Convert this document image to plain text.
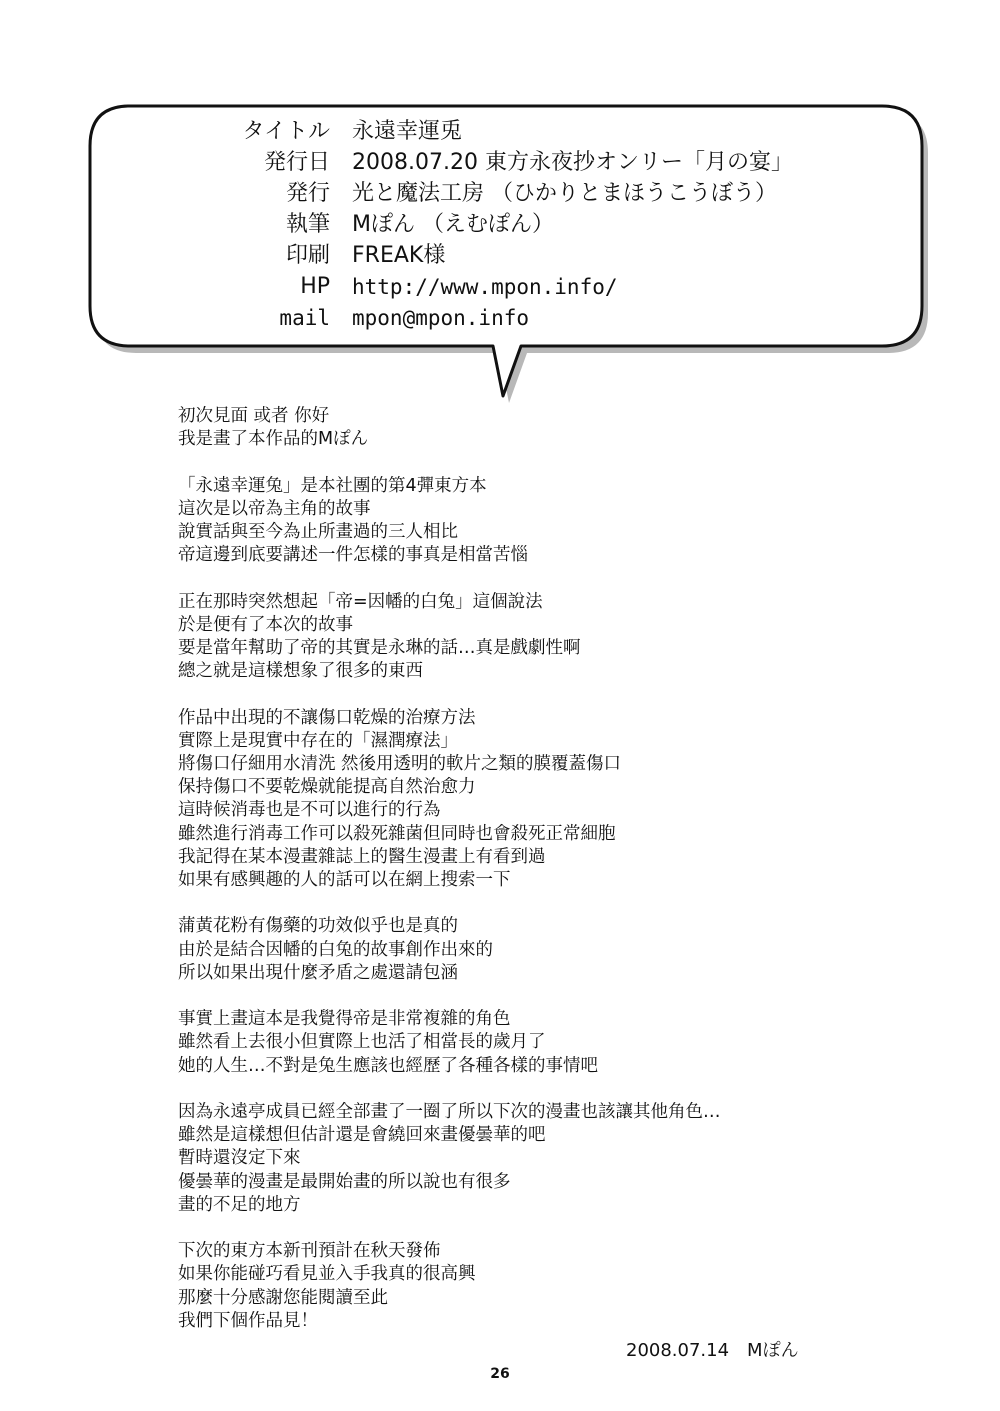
タイトル 永遠幸運兎
発行日 2008.07.20 東方永夜抄オンリー「月の宴」
発行 光と魔法工房 （ひかりとまほうこうぼう）
執筆 Mぽん （えむぽん）
印刷 FREAK様
HP http://www.mpon.info/
mail mpon@mpon.info
初次見面 或者 你好
我是畫了本作品的Mぽん
「永遠幸運兔」是本社團的第4彈東方本
這次是以帝為主角的故事
說實話與至今為止所畫過的三人相比
帝這邊到底要講述一件怎樣的事真是相當苦惱
正在那時突然想起「帝=因幡的白兔」這個說法
於是便有了本次的故事
要是當年幫助了帝的其實是永琳的話…真是戲劇性啊
總之就是這樣想象了很多的東西
作品中出現的不讓傷口乾燥的治療方法
實際上是現實中存在的「濕潤療法」
將傷口仔細用水清洗 然後用透明的軟片之類的膜覆蓋傷口
保持傷口不要乾燥就能提高自然治愈力
這時候消毒也是不可以進行的行為
雖然進行消毒工作可以殺死雜菌但同時也會殺死正常細胞
我記得在某本漫畫雜誌上的醫生漫畫上有看到過
如果有感興趣的人的話可以在網上搜索一下
蒲黃花粉有傷藥的功效似乎也是真的
由於是結合因幡的白兔的故事創作出來的
所以如果出現什麼矛盾之處還請包涵
事實上畫這本是我覺得帝是非常複雜的角色
雖然看上去很小但實際上也活了相當長的歲月了
她的人生…不對是兔生應該也經歷了各種各樣的事情吧
因為永遠亭成員已經全部畫了一圈了所以下次的漫畫也該讓其他角色…
雖然是這樣想但估計還是會繞回來畫優曇華的吧
暫時還沒定下來
優曇華的漫畫是最開始畫的所以說也有很多
畫的不足的地方
下次的東方本新刊預計在秋天發佈
如果你能碰巧看見並入手我真的很高興
那麼十分感謝您能閱讀至此
我們下個作品見！
2008.07.14　Mぽん
26
